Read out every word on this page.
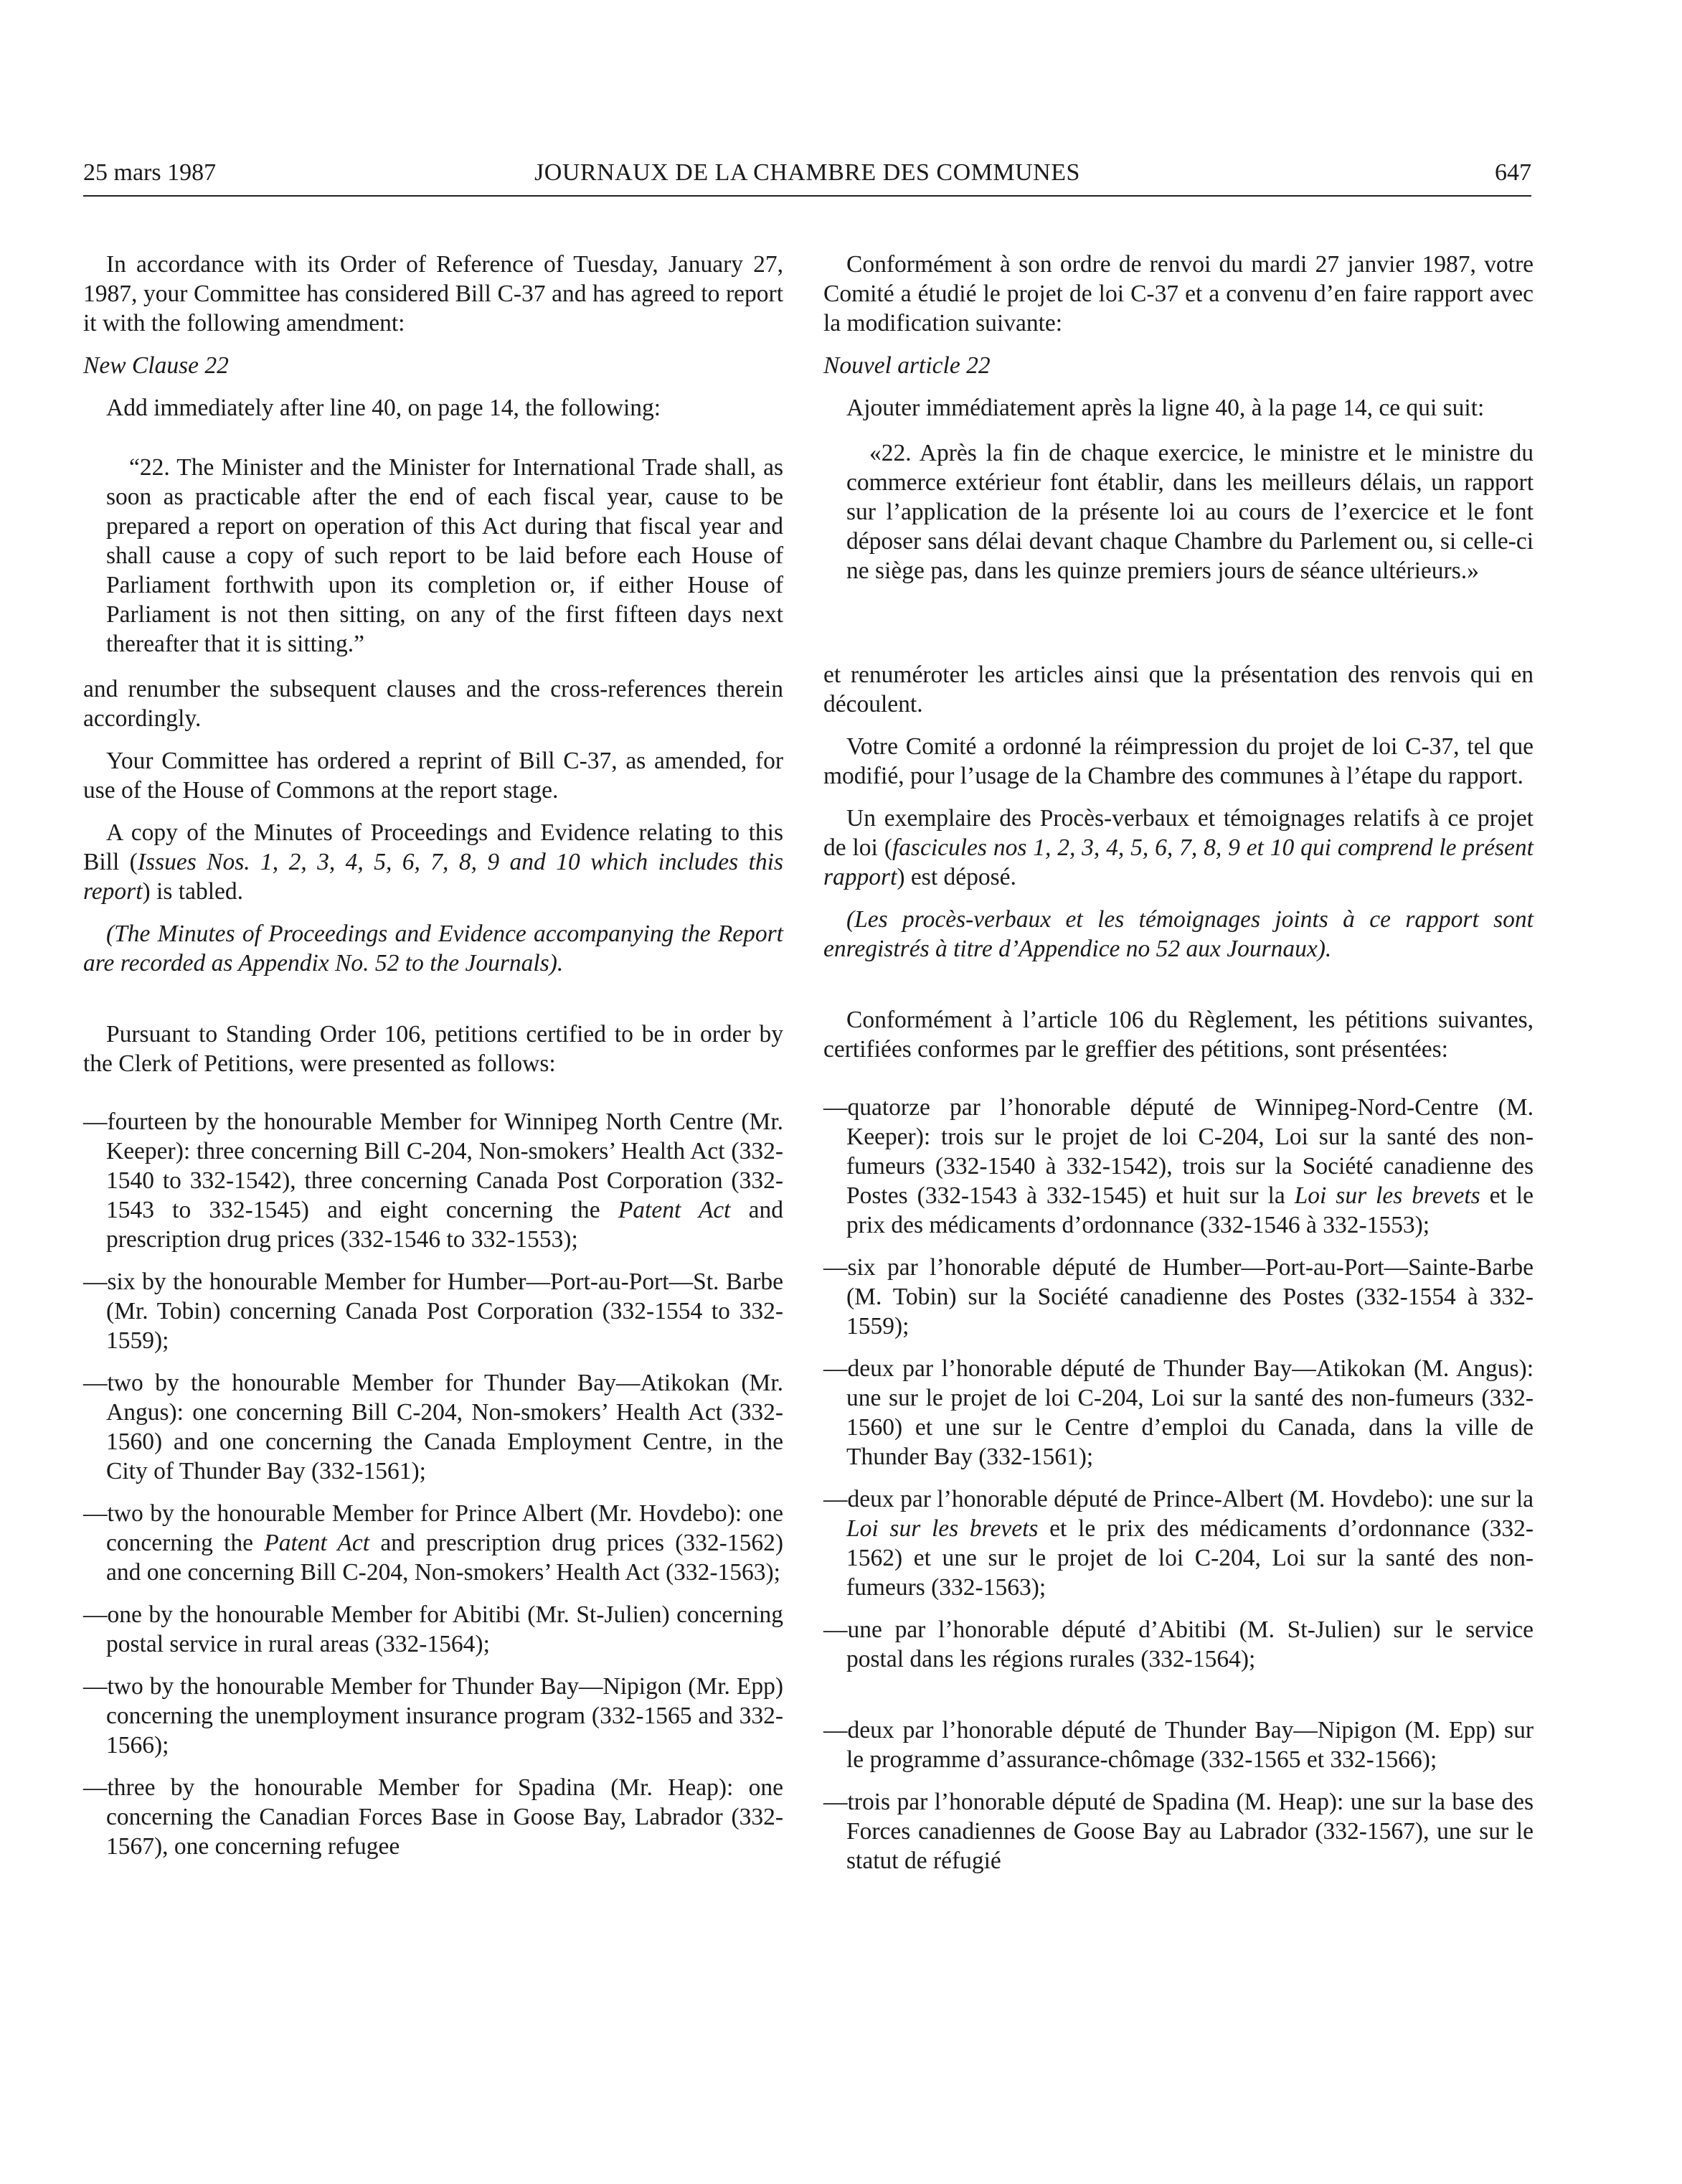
25 mars 1987	JOURNAUX DE LA CHAMBRE DES COMMUNES	647

In accordance with its Order of Reference of Tuesday, January 27, 1987, your Committee has considered Bill C-37 and has agreed to report it with the following amendment:

New Clause 22

Add immediately after line 40, on page 14, the following:

“22. The Minister and the Minister for International Trade shall, as soon as practicable after the end of each fiscal year, cause to be prepared a report on operation of this Act during that fiscal year and shall cause a copy of such report to be laid before each House of Parliament forthwith upon its completion or, if either House of Parliament is not then sitting, on any of the first fifteen days next thereafter that it is sitting.”

and renumber the subsequent clauses and the cross-references therein accordingly.

Your Committee has ordered a reprint of Bill C-37, as amended, for use of the House of Commons at the report stage.

A copy of the Minutes of Proceedings and Evidence relating to this Bill (Issues Nos. 1, 2, 3, 4, 5, 6, 7, 8, 9 and 10 which includes this report) is tabled.

(The Minutes of Proceedings and Evidence accompanying the Report are recorded as Appendix No. 52 to the Journals).

Pursuant to Standing Order 106, petitions certified to be in order by the Clerk of Petitions, were presented as follows:

—fourteen by the honourable Member for Winnipeg North Centre (Mr. Keeper): three concerning Bill C-204, Non-smokers’ Health Act (332-1540 to 332-1542), three concerning Canada Post Corporation (332-1543 to 332-1545) and eight concerning the Patent Act and prescription drug prices (332-1546 to 332-1553);

—six by the honourable Member for Humber—Port-au-Port—St. Barbe (Mr. Tobin) concerning Canada Post Corporation (332-1554 to 332-1559);

—two by the honourable Member for Thunder Bay—Atikokan (Mr. Angus): one concerning Bill C-204, Non-smokers’ Health Act (332-1560) and one concerning the Canada Employment Centre, in the City of Thunder Bay (332-1561);

—two by the honourable Member for Prince Albert (Mr. Hovdebo): one concerning the Patent Act and prescription drug prices (332-1562) and one concerning Bill C-204, Non-smokers’ Health Act (332-1563);

—one by the honourable Member for Abitibi (Mr. St-Julien) concerning postal service in rural areas (332-1564);

—two by the honourable Member for Thunder Bay—Nipigon (Mr. Epp) concerning the unemployment insurance program (332-1565 and 332-1566);

—three by the honourable Member for Spadina (Mr. Heap): one concerning the Canadian Forces Base in Goose Bay, Labrador (332-1567), one concerning refugee

Conformément à son ordre de renvoi du mardi 27 janvier 1987, votre Comité a étudié le projet de loi C-37 et a convenu d’en faire rapport avec la modification suivante:

Nouvel article 22

Ajouter immédiatement après la ligne 40, à la page 14, ce qui suit:

«22. Après la fin de chaque exercice, le ministre et le ministre du commerce extérieur font établir, dans les meilleurs délais, un rapport sur l’application de la présente loi au cours de l’exercice et le font déposer sans délai devant chaque Chambre du Parlement ou, si celle-ci ne siège pas, dans les quinze premiers jours de séance ultérieurs.»

et renuméroter les articles ainsi que la présentation des renvois qui en découlent.

Votre Comité a ordonné la réimpression du projet de loi C-37, tel que modifié, pour l’usage de la Chambre des communes à l’étape du rapport.

Un exemplaire des Procès-verbaux et témoignages relatifs à ce projet de loi (fascicules nos 1, 2, 3, 4, 5, 6, 7, 8, 9 et 10 qui comprend le présent rapport) est déposé.

(Les procès-verbaux et les témoignages joints à ce rapport sont enregistrés à titre d’Appendice no 52 aux Journaux).

Conformément à l’article 106 du Règlement, les pétitions suivantes, certifiées conformes par le greffier des pétitions, sont présentées:

—quatorze par l’honorable député de Winnipeg-Nord-Centre (M. Keeper): trois sur le projet de loi C-204, Loi sur la santé des non-fumeurs (332-1540 à 332-1542), trois sur la Société canadienne des Postes (332-1543 à 332-1545) et huit sur la Loi sur les brevets et le prix des médicaments d’ordonnance (332-1546 à 332-1553);

—six par l’honorable député de Humber—Port-au-Port—Sainte-Barbe (M. Tobin) sur la Société canadienne des Postes (332-1554 à 332-1559);

—deux par l’honorable député de Thunder Bay—Atikokan (M. Angus): une sur le projet de loi C-204, Loi sur la santé des non-fumeurs (332-1560) et une sur le Centre d’emploi du Canada, dans la ville de Thunder Bay (332-1561);

—deux par l’honorable député de Prince-Albert (M. Hovdebo): une sur la Loi sur les brevets et le prix des médicaments d’ordonnance (332-1562) et une sur le projet de loi C-204, Loi sur la santé des non-fumeurs (332-1563);

—une par l’honorable député d’Abitibi (M. St-Julien) sur le service postal dans les régions rurales (332-1564);

—deux par l’honorable député de Thunder Bay—Nipigon (M. Epp) sur le programme d’assurance-chômage (332-1565 et 332-1566);

—trois par l’honorable député de Spadina (M. Heap): une sur la base des Forces canadiennes de Goose Bay au Labrador (332-1567), une sur le statut de réfugié
